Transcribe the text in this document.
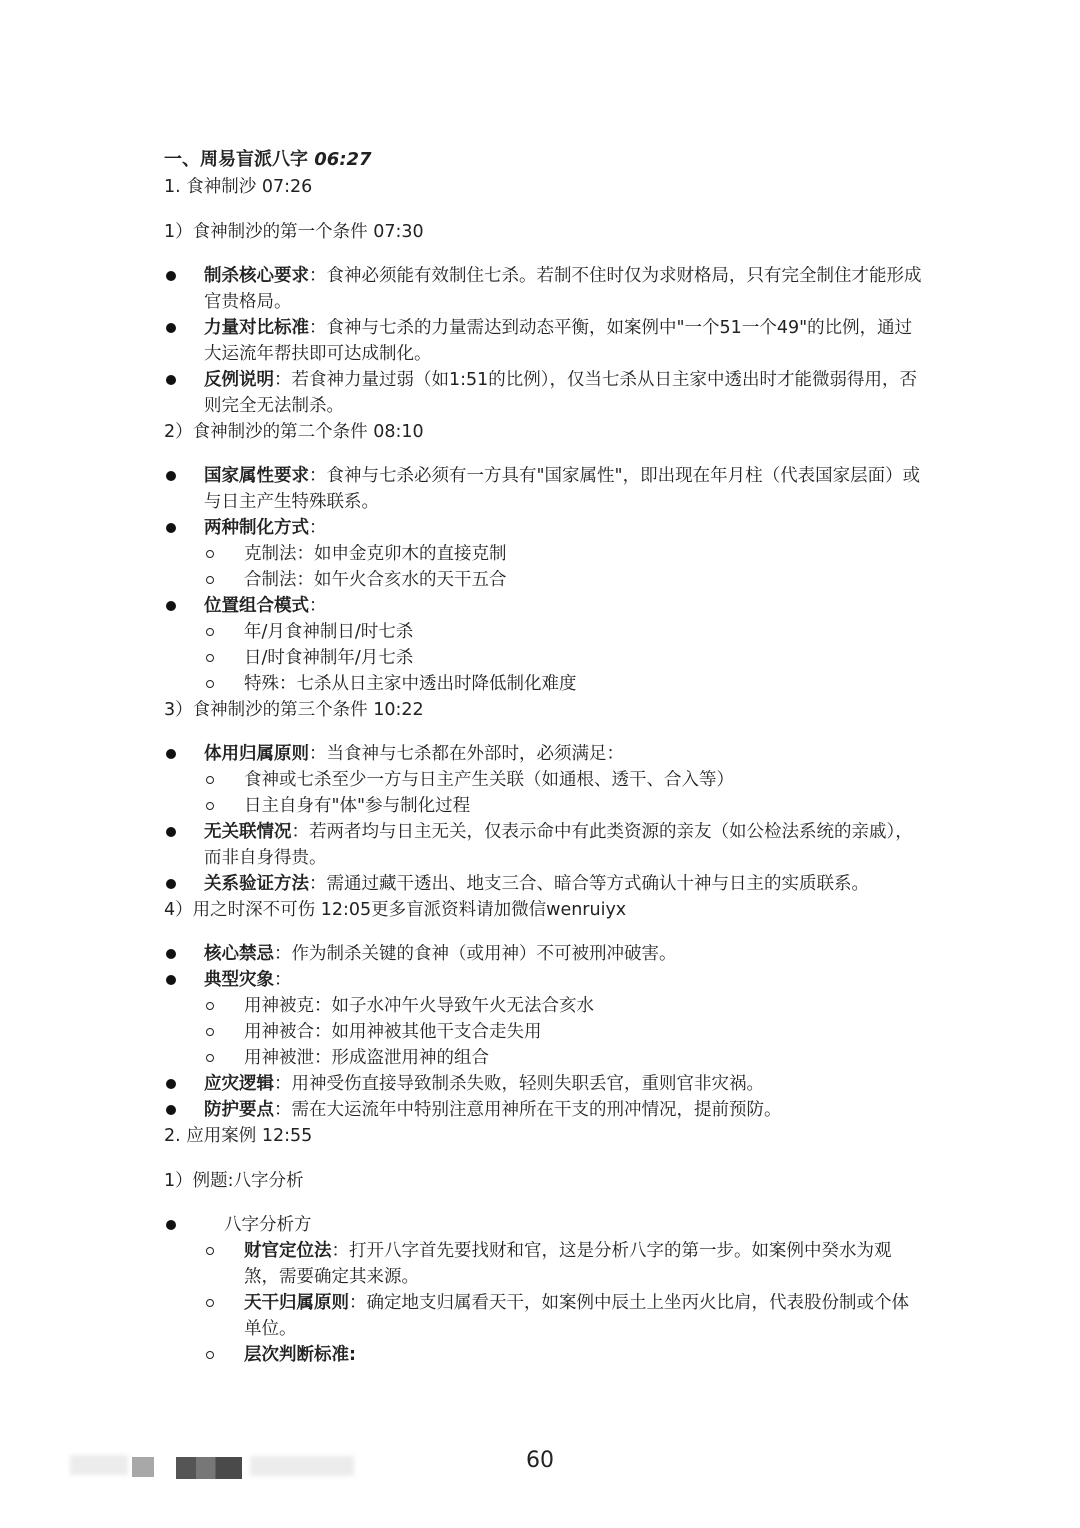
一、周易盲派八字 06:27

1. 食神制沙 07:26

1）食神制沙的第一个条件 07:30

制杀核心要求：食神必须能有效制住七杀。若制不住时仅为求财格局，只有完全制住才能形成官贵格局。
力量对比标准：食神与七杀的力量需达到动态平衡，如案例中"一个51一个49"的比例，通过大运流年帮扶即可达成制化。
反例说明：若食神力量过弱（如1:51的比例），仅当七杀从日主家中透出时才能微弱得用，否则完全无法制杀。

2）食神制沙的第二个条件 08:10

国家属性要求：食神与七杀必须有一方具有"国家属性"，即出现在年月柱（代表国家层面）或与日主产生特殊联系。
两种制化方式：
克制法：如申金克卯木的直接克制
合制法：如午火合亥水的天干五合
位置组合模式：
年/月食神制日/时七杀
日/时食神制年/月七杀
特殊：七杀从日主家中透出时降低制化难度

3）食神制沙的第三个条件 10:22

体用归属原则：当食神与七杀都在外部时，必须满足：
食神或七杀至少一方与日主产生关联（如通根、透干、合入等）
日主自身有"体"参与制化过程
无关联情况：若两者均与日主无关，仅表示命中有此类资源的亲友（如公检法系统的亲戚），而非自身得贵。
关系验证方法：需通过藏干透出、地支三合、暗合等方式确认十神与日主的实质联系。

4）用之时深不可伤 12:05更多盲派资料请加微信wenruiyx

核心禁忌：作为制杀关键的食神（或用神）不可被刑冲破害。
典型灾象：
用神被克：如子水冲午火导致午火无法合亥水
用神被合：如用神被其他干支合走失用
用神被泄：形成盗泄用神的组合
应灾逻辑：用神受伤直接导致制杀失败，轻则失职丢官，重则官非灾祸。
防护要点：需在大运流年中特别注意用神所在干支的刑冲情况，提前预防。

2. 应用案例 12:55

1）例题:八字分析

八字分析方
财官定位法：打开八字首先要找财和官，这是分析八字的第一步。如案例中癸水为观煞，需要确定其来源。
天干归属原则：确定地支归属看天干，如案例中辰土上坐丙火比肩，代表股份制或个体单位。
层次判断标准:
60
